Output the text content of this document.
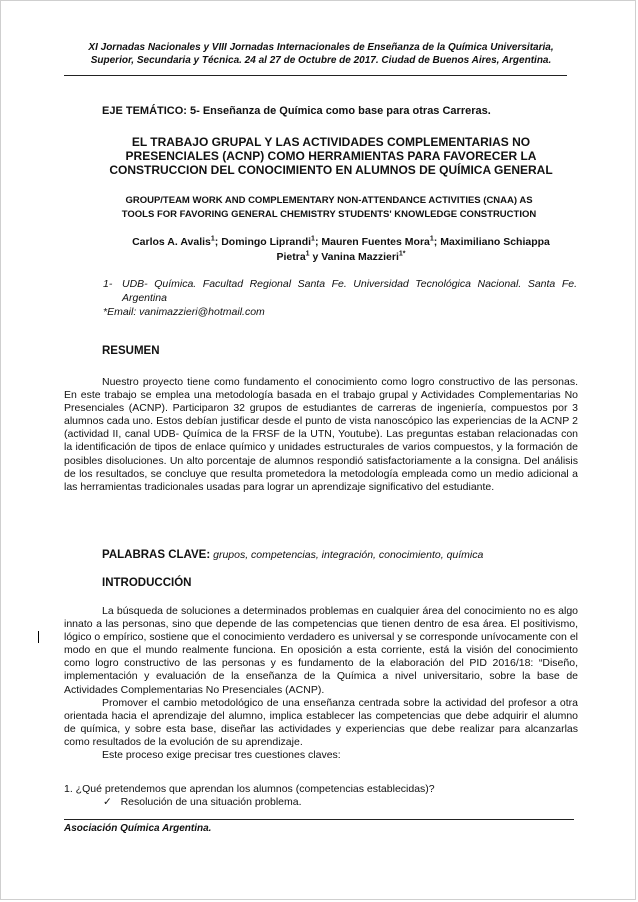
XI Jornadas Nacionales y VIII Jornadas Internacionales de Enseñanza de la Química Universitaria,
Superior, Secundaria y Técnica. 24 al 27 de Octubre de 2017. Ciudad de Buenos Aires, Argentina.
EJE TEMÁTICO: 5- Enseñanza de Química como base para otras Carreras.
EL TRABAJO GRUPAL Y LAS ACTIVIDADES COMPLEMENTARIAS NO
PRESENCIALES (ACNP) COMO HERRAMIENTAS PARA FAVORECER LA
CONSTRUCCION DEL CONOCIMIENTO EN ALUMNOS DE QUÍMICA GENERAL
GROUP/TEAM WORK AND COMPLEMENTARY NON-ATTENDANCE ACTIVITIES (CNAA) AS
TOOLS FOR FAVORING GENERAL CHEMISTRY STUDENTS' KNOWLEDGE CONSTRUCTION
Carlos A. Avalis$^1$; Domingo Liprandi$^1$; Mauren Fuentes Mora$^1$; Maximiliano Schiappa
Pietra$^1$ y Vanina Mazzieri$^{1*}$
1- UDB- Química. Facultad Regional Santa Fe. Universidad Tecnológica Nacional. Santa Fe. Argentina
*Email: vanimazzieri@hotmail.com
RESUMEN
Nuestro proyecto tiene como fundamento el conocimiento como logro constructivo de las personas. En este trabajo se emplea una metodología basada en el trabajo grupal y Actividades Complementarias No Presenciales (ACNP). Participaron 32 grupos de estudiantes de carreras de ingeniería, compuestos por 3 alumnos cada uno. Estos debían justificar desde el punto de vista nanoscópico las experiencias de la ACNP 2 (actividad II, canal UDB- Química de la FRSF de la UTN, Youtube). Las preguntas estaban relacionadas con la identificación de tipos de enlace químico y unidades estructurales de varios compuestos, y la formación de posibles disoluciones. Un alto porcentaje de alumnos respondió satisfactoriamente a la consigna. Del análisis de los resultados, se concluye que resulta prometedora la metodología empleada como un medio adicional a las herramientas tradicionales usadas para lograr un aprendizaje significativo del estudiante.
PALABRAS CLAVE: grupos, competencias, integración, conocimiento, química
INTRODUCCIÓN

La búsqueda de soluciones a determinados problemas en cualquier área del conocimiento no es algo innato a las personas, sino que depende de las competencias que tienen dentro de esa área. El positivismo, lógico o empírico, sostiene que el conocimiento verdadero es universal y se corresponde unívocamente con el modo en que el mundo realmente funciona. En oposición a esta corriente, está la visión del conocimiento como logro constructivo de las personas y es fundamento de la elaboración del PID 2016/18: “Diseño, implementación y evaluación de la enseñanza de la Química a nivel universitario, sobre la base de Actividades Complementarias No Presenciales (ACNP).

Promover el cambio metodológico de una enseñanza centrada sobre la actividad del profesor a otra orientada hacia el aprendizaje del alumno, implica establecer las competencias que debe adquirir el alumno de química, y sobre esta base, diseñar las actividades y experiencias que debe realizar para alcanzarlas como resultados de la evolución de su aprendizaje.

Este proceso exige precisar tres cuestiones claves:

1. ¿Qué pretendemos que aprendan los alumnos (competencias establecidas)?
✓ Resolución de una situación problema.
Asociación Química Argentina.
